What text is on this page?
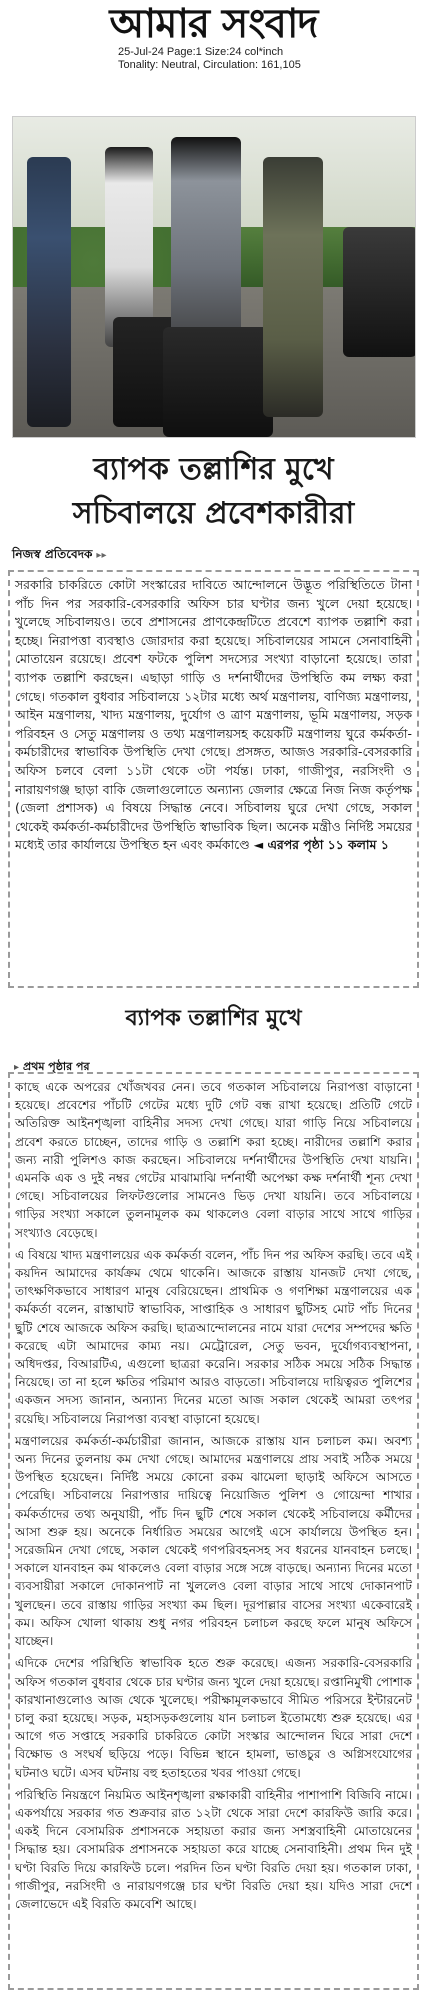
আমার সংবাদ
25-Jul-24 Page:1 Size:24 col*inch
Tonality: Neutral, Circulation: 161,105
ব্যাপক তল্লাশির মুখে
সচিবালয়ে প্রবেশকারীরা
নিজস্ব প্রতিবেদক ▸▸

সরকারি চাকরিতে কোটা সংস্কারের দাবিতে আন্দোলনে উদ্ভূত পরিস্থিতিতে টানা পাঁচ দিন পর সরকারি-বেসরকারি অফিস চার ঘণ্টার জন্য খুলে দেয়া হয়েছে। খুলেছে সচিবালয়ও। তবে প্রশাসনের প্রাণকেন্দ্রটিতে প্রবেশে ব্যাপক তল্লাশি করা হচ্ছে। নিরাপত্তা ব্যবস্থাও জোরদার করা হয়েছে। সচিবালয়ের সামনে সেনাবাহিনী মোতায়েন রয়েছে। প্রবেশ ফটকে পুলিশ সদস্যের সংখ্যা বাড়ানো হয়েছে। তারা ব্যাপক তল্লাশি করছেন। এছাড়া গাড়ি ও দর্শনার্থীদের উপস্থিতি কম লক্ষ্য করা গেছে। গতকাল বুধবার সচিবালয়ে ১২টার মধ্যে অর্থ মন্ত্রণালয়, বাণিজ্য মন্ত্রণালয়, আইন মন্ত্রণালয়, খাদ্য মন্ত্রণালয়, দুর্যোগ ও ত্রাণ মন্ত্রণালয়, ভূমি মন্ত্রণালয়, সড়ক পরিবহন ও সেতু মন্ত্রণালয় ও তথ্য মন্ত্রণালয়সহ কয়েকটি মন্ত্রণালয় ঘুরে কর্মকর্তা-কর্মচারীদের স্বাভাবিক উপস্থিতি দেখা গেছে। প্রসঙ্গত, আজও সরকারি-বেসরকারি অফিস চলবে বেলা ১১টা থেকে ৩টা পর্যন্ত। ঢাকা, গাজীপুর, নরসিংদী ও নারায়ণগঞ্জ ছাড়া বাকি জেলাগুলোতে অন্যান্য জেলার ক্ষেত্রে নিজ নিজ কর্তৃপক্ষ (জেলা প্রশাসক) এ বিষয়ে সিদ্ধান্ত নেবে। সচিবালয় ঘুরে দেখা গেছে, সকাল থেকেই কর্মকর্তা-কর্মচারীদের উপস্থিতি স্বাভাবিক ছিল। অনেক মন্ত্রীও নির্দিষ্ট সময়ের মধ্যেই তার কার্যালয়ে উপস্থিত হন এবং কর্মকাণ্ডে ◄ এরপর পৃষ্ঠা ১১ কলাম ১

ব্যাপক তল্লাশির মুখে
▸ প্রথম পৃষ্ঠার পর

কাছে একে অপরের খোঁজখবর নেন। তবে গতকাল সচিবালয়ে নিরাপত্তা বাড়ানো হয়েছে। প্রবেশের পাঁচটি গেটের মধ্যে দুটি গেট বন্ধ রাখা হয়েছে। প্রতিটি গেটে অতিরিক্ত আইনশৃঙ্খলা বাহিনীর সদস্য দেখা গেছে। যারা গাড়ি নিয়ে সচিবালয়ে প্রবেশ করতে চাচ্ছেন, তাদের গাড়ি ও তল্লাশি করা হচ্ছে। নারীদের তল্লাশি করার জন্য নারী পুলিশও কাজ করছেন। সচিবালয়ে দর্শনার্থীদের উপস্থিতি দেখা যায়নি। এমনকি এক ও দুই নম্বর গেটের মাঝামাঝি দর্শনার্থী অপেক্ষা কক্ষ দর্শনার্থী শূন্য দেখা গেছে। সচিবালয়ের লিফটগুলোর সামনেও ভিড় দেখা যায়নি। তবে সচিবালয়ে গাড়ির সংখ্যা সকালে তুলনামূলক কম থাকলেও বেলা বাড়ার সাথে সাথে গাড়ির সংখ্যাও বেড়েছে।

এ বিষয়ে খাদ্য মন্ত্রণালয়ের এক কর্মকর্তা বলেন, পাঁচ দিন পর অফিস করছি। তবে এই কয়দিন আমাদের কার্যক্রম থেমে থাকেনি। আজকে রাস্তায় যানজট দেখা গেছে, তাৎক্ষণিকভাবে সাধারণ মানুষ বেরিয়েছেন। প্রাথমিক ও গণশিক্ষা মন্ত্রণালয়ের এক কর্মকর্তা বলেন, রাস্তাঘাট স্বাভাবিক, সাপ্তাহিক ও সাধারণ ছুটিসহ মোট পাঁচ দিনের ছুটি শেষে আজকে অফিস করছি। ছাত্রআন্দোলনের নামে যারা দেশের সম্পদের ক্ষতি করেছে এটা আমাদের কাম্য নয়। মেট্রোরেল, সেতু ভবন, দুর্যোগব্যবস্থাপনা, অধিদপ্তর, বিআরটিএ, এগুলো ছাত্ররা করেনি। সরকার সঠিক সময়ে সঠিক সিদ্ধান্ত নিয়েছে। তা না হলে ক্ষতির পরিমাণ আরও বাড়তো। সচিবালয়ে দায়িত্বরত পুলিশের একজন সদস্য জানান, অন্যান্য দিনের মতো আজ সকাল থেকেই আমরা তৎপর রয়েছি। সচিবালয়ে নিরাপত্তা ব্যবস্থা বাড়ানো হয়েছে।

মন্ত্রণালয়ের কর্মকর্তা-কর্মচারীরা জানান, আজকে রাস্তায় যান চলাচল কম। অবশ্য অন্য দিনের তুলনায় কম দেখা গেছে। আমাদের মন্ত্রণালয়ে প্রায় সবাই সঠিক সময়ে উপস্থিত হয়েছেন। নির্দিষ্ট সময়ে কোনো রকম ঝামেলা ছাড়াই অফিসে আসতে পেরেছি। সচিবালয়ে নিরাপত্তার দায়িত্বে নিয়োজিত পুলিশ ও গোয়েন্দা শাখার কর্মকর্তাদের তথ্য অনুযায়ী, পাঁচ দিন ছুটি শেষে সকাল থেকেই সচিবালয়ে কর্মীদের আসা শুরু হয়। অনেকে নির্ধারিত সময়ের আগেই এসে কার্যালয়ে উপস্থিত হন। সরেজমিন দেখা গেছে, সকাল থেকেই গণপরিবহনসহ সব ধরনের যানবাহন চলছে। সকালে যানবাহন কম থাকলেও বেলা বাড়ার সঙ্গে সঙ্গে বাড়ছে। অন্যান্য দিনের মতো ব্যবসায়ীরা সকালে দোকানপাট না খুললেও বেলা বাড়ার সাথে সাথে দোকানপাট খুলছেন। তবে রাস্তায় গাড়ির সংখ্যা কম ছিল। দূরপাল্লার বাসের সংখ্যা একেবারেই কম। অফিস খোলা থাকায় শুধু নগর পরিবহন চলাচল করছে ফলে মানুষ অফিসে যাচ্ছেন।

এদিকে দেশের পরিস্থিতি স্বাভাবিক হতে শুরু করেছে। এজন্য সরকারি-বেসরকারি অফিস গতকাল বুধবার থেকে চার ঘণ্টার জন্য খুলে দেয়া হয়েছে। রপ্তানিমুখী পোশাক কারখানাগুলোও আজ থেকে খুলেছে। পরীক্ষামূলকভাবে সীমিত পরিসরে ইন্টারনেট চালু করা হয়েছে। সড়ক, মহাসড়কগুলোয় যান চলাচল ইতোমধ্যে শুরু হয়েছে। এর আগে গত সপ্তাহে সরকারি চাকরিতে কোটা সংস্কার আন্দোলন ঘিরে সারা দেশে বিক্ষোভ ও সংঘর্ষ ছড়িয়ে পড়ে। বিভিন্ন স্থানে হামলা, ভাঙচুর ও অগ্নিসংযোগের ঘটনাও ঘটে। এসব ঘটনায় বহু হতাহতের খবর পাওয়া গেছে।

পরিস্থিতি নিয়ন্ত্রণে নিয়মিত আইনশৃঙ্খলা রক্ষাকারী বাহিনীর পাশাপাশি বিজিবি নামে। একপর্যায়ে সরকার গত শুক্রবার রাত ১২টা থেকে সারা দেশে কারফিউ জারি করে। একই দিনে বেসামরিক প্রশাসনকে সহায়তা করার জন্য সশস্ত্রবাহিনী মোতায়েনের সিদ্ধান্ত হয়। বেসামরিক প্রশাসনকে সহায়তা করে যাচ্ছে সেনাবাহিনী। প্রথম দিন দুই ঘণ্টা বিরতি দিয়ে কারফিউ চলে। পরদিন তিন ঘণ্টা বিরতি দেয়া হয়। গতকাল ঢাকা, গাজীপুর, নরসিংদী ও নারায়ণগঞ্জে চার ঘণ্টা বিরতি দেয়া হয়। যদিও সারা দেশে জেলাভেদে এই বিরতি কমবেশি আছে।
